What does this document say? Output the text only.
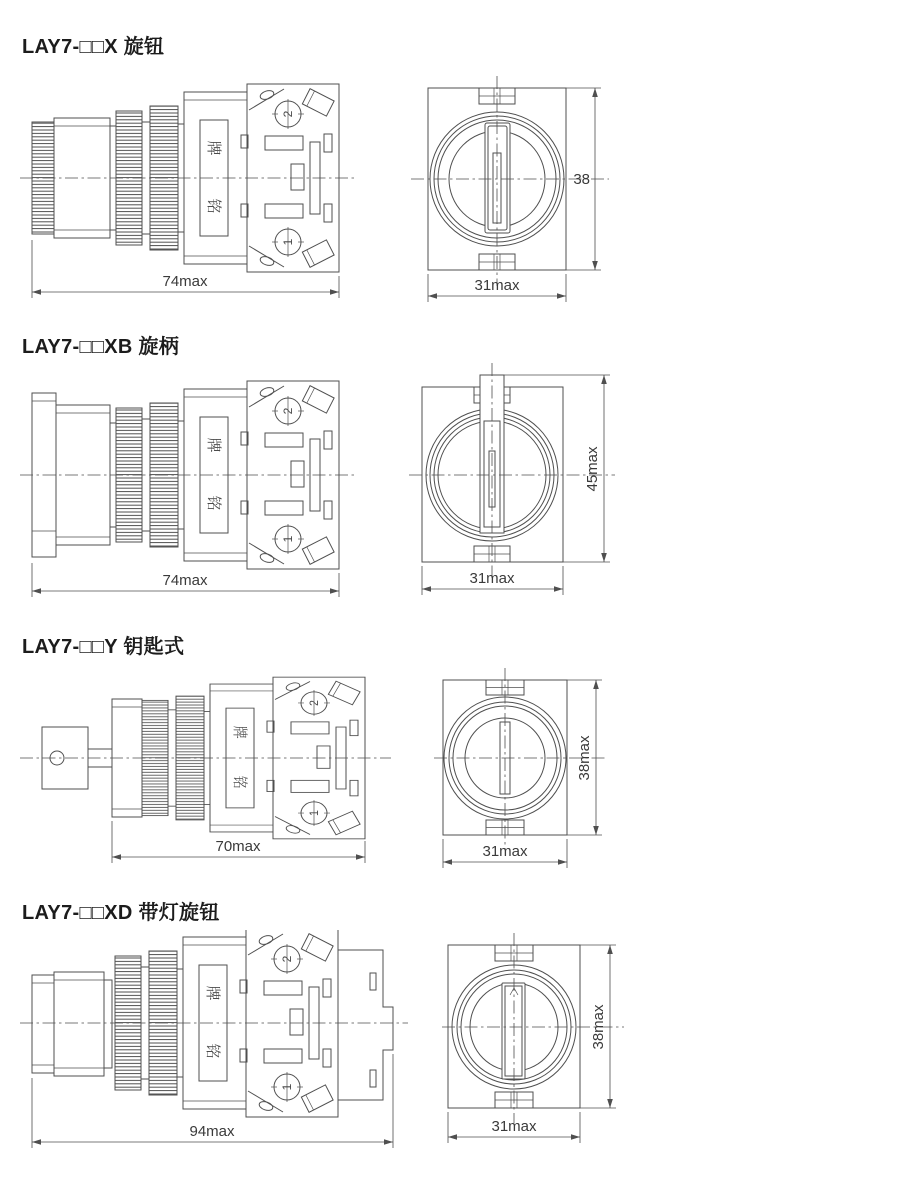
LAY7-□□X 旋钮
牌
铭
2
1
74max
38
31max
LAY7-□□XB 旋柄
牌
铭
2
1
74max
45max
31max
LAY7-□□Y 钥匙式
牌
铭
2
1
70max
38max
31max
LAY7-□□XD 带灯旋钮
牌
铭
2
1
94max
38max
31max
